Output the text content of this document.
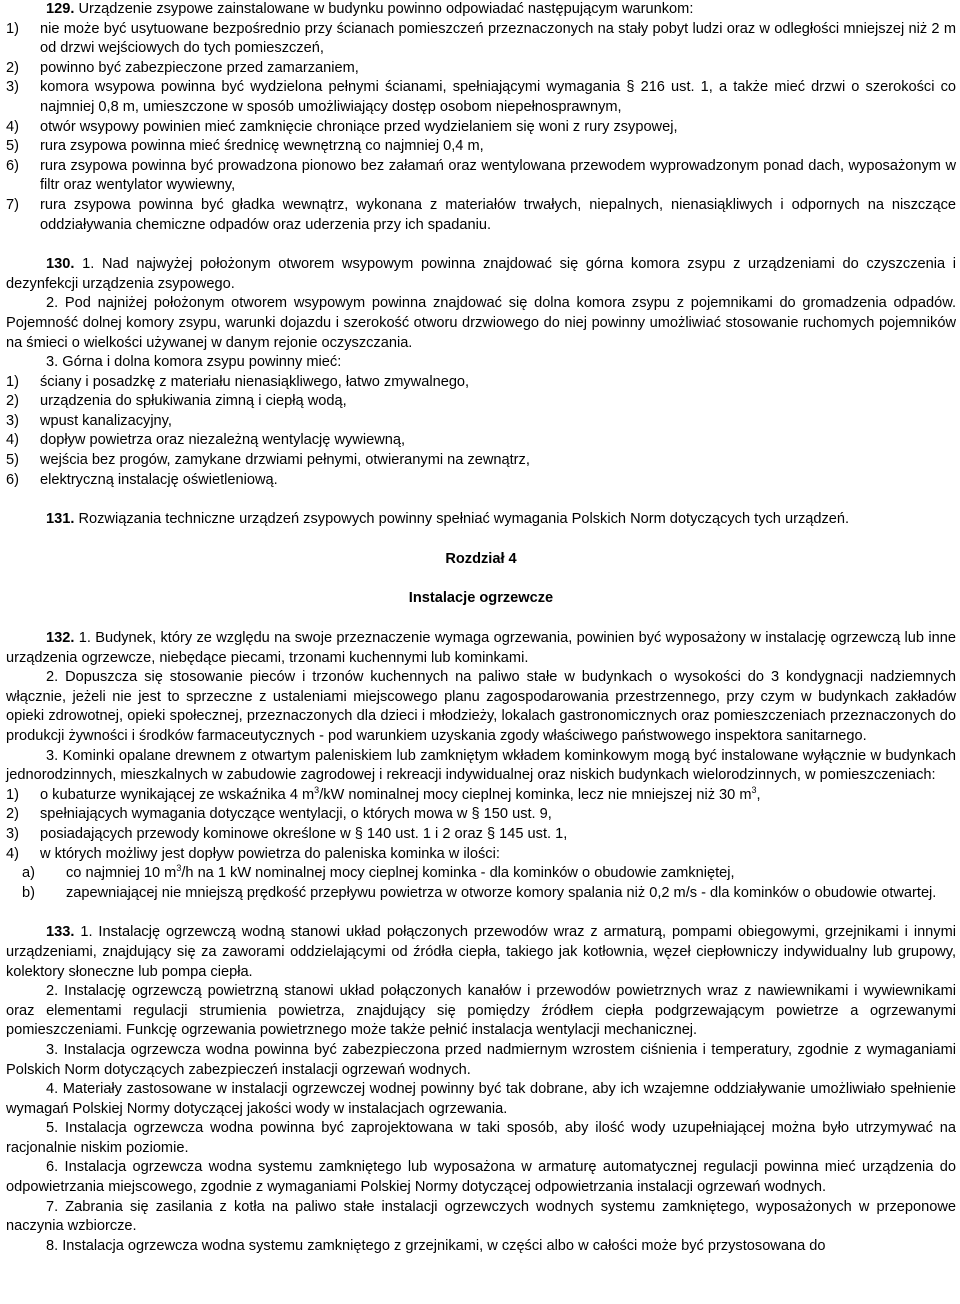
129. Urządzenie zsypowe zainstalowane w budynku powinno odpowiadać następującym warunkom:

1)	nie może być usytuowane bezpośrednio przy ścianach pomieszczeń przeznaczonych na stały pobyt ludzi oraz w odległości mniejszej niż 2 m od drzwi wejściowych do tych pomieszczeń,
2)	powinno być zabezpieczone przed zamarzaniem,
3)	komora wsypowa powinna być wydzielona pełnymi ścianami, spełniającymi wymagania § 216 ust. 1, a także mieć drzwi o szerokości co najmniej 0,8 m, umieszczone w sposób umożliwiający dostęp osobom niepełnosprawnym,
4)	otwór wsypowy powinien mieć zamknięcie chroniące przed wydzielaniem się woni z rury zsypowej,
5)	rura zsypowa powinna mieć średnicę wewnętrzną co najmniej 0,4 m,
6)	rura zsypowa powinna być prowadzona pionowo bez załamań oraz wentylowana przewodem wyprowadzonym ponad dach, wyposażonym w filtr oraz wentylator wywiewny,
7)	rura zsypowa powinna być gładka wewnątrz, wykonana z materiałów trwałych, niepalnych, nienasiąkliwych i odpornych na niszczące oddziaływania chemiczne odpadów oraz uderzenia przy ich spadaniu.

130. 1. Nad najwyżej położonym otworem wsypowym powinna znajdować się górna komora zsypu z urządzeniami do czyszczenia i dezynfekcji urządzenia zsypowego.

2. Pod najniżej położonym otworem wsypowym powinna znajdować się dolna komora zsypu z pojemnikami do gromadzenia odpadów. Pojemność dolnej komory zsypu, warunki dojazdu i szerokość otworu drzwiowego do niej powinny umożliwiać stosowanie ruchomych pojemników na śmieci o wielkości używanej w danym rejonie oczyszczania.

3. Górna i dolna komora zsypu powinny mieć:

1)	ściany i posadzkę z materiału nienasiąkliwego, łatwo zmywalnego,
2)	urządzenia do spłukiwania zimną i ciepłą wodą,
3)	wpust kanalizacyjny,
4)	dopływ powietrza oraz niezależną wentylację wywiewną,
5)	wejścia bez progów, zamykane drzwiami pełnymi, otwieranymi na zewnątrz,
6)	elektryczną instalację oświetleniową.

131. Rozwiązania techniczne urządzeń zsypowych powinny spełniać wymagania Polskich Norm dotyczących tych urządzeń.

Rozdział 4

Instalacje ogrzewcze

132. 1. Budynek, który ze względu na swoje przeznaczenie wymaga ogrzewania, powinien być wyposażony w instalację ogrzewczą lub inne urządzenia ogrzewcze, niebędące piecami, trzonami kuchennymi lub kominkami.

2. Dopuszcza się stosowanie pieców i trzonów kuchennych na paliwo stałe w budynkach o wysokości do 3 kondygnacji nadziemnych włącznie, jeżeli nie jest to sprzeczne z ustaleniami miejscowego planu zagospodarowania przestrzennego, przy czym w budynkach zakładów opieki zdrowotnej, opieki społecznej, przeznaczonych dla dzieci i młodzieży, lokalach gastronomicznych oraz pomieszczeniach przeznaczonych do produkcji żywności i środków farmaceutycznych - pod warunkiem uzyskania zgody właściwego państwowego inspektora sanitarnego.

3. Kominki opalane drewnem z otwartym paleniskiem lub zamkniętym wkładem kominkowym mogą być instalowane wyłącznie w budynkach jednorodzinnych, mieszkalnych w zabudowie zagrodowej i rekreacji indywidualnej oraz niskich budynkach wielorodzinnych, w pomieszczeniach:

1)	o kubaturze wynikającej ze wskaźnika 4 $m^3/kW$ nominalnej mocy cieplnej kominka, lecz nie mniejszej niż 30 $m^3$,
2)	spełniających wymagania dotyczące wentylacji, o których mowa w § 150 ust. 9,
3)	posiadających przewody kominowe określone w § 140 ust. 1 i 2 oraz § 145 ust. 1,
4)	w których możliwy jest dopływ powietrza do paleniska kominka w ilości:
a)	co najmniej 10 $m^3/h$ na 1 kW nominalnej mocy cieplnej kominka - dla kominków o obudowie zamkniętej,
b)	zapewniającej nie mniejszą prędkość przepływu powietrza w otworze komory spalania niż 0,2 m/s - dla kominków o obudowie otwartej.

133. 1. Instalację ogrzewczą wodną stanowi układ połączonych przewodów wraz z armaturą, pompami obiegowymi, grzejnikami i innymi urządzeniami, znajdujący się za zaworami oddzielającymi od źródła ciepła, takiego jak kotłownia, węzeł ciepłowniczy indywidualny lub grupowy, kolektory słoneczne lub pompa ciepła.

2. Instalację ogrzewczą powietrzną stanowi układ połączonych kanałów i przewodów powietrznych wraz z nawiewnikami i wywiewnikami oraz elementami regulacji strumienia powietrza, znajdujący się pomiędzy źródłem ciepła podgrzewającym powietrze a ogrzewanymi pomieszczeniami. Funkcję ogrzewania powietrznego może także pełnić instalacja wentylacji mechanicznej.

3. Instalacja ogrzewcza wodna powinna być zabezpieczona przed nadmiernym wzrostem ciśnienia i temperatury, zgodnie z wymaganiami Polskich Norm dotyczących zabezpieczeń instalacji ogrzewań wodnych.

4. Materiały zastosowane w instalacji ogrzewczej wodnej powinny być tak dobrane, aby ich wzajemne oddziaływanie umożliwiało spełnienie wymagań Polskiej Normy dotyczącej jakości wody w instalacjach ogrzewania.

5. Instalacja ogrzewcza wodna powinna być zaprojektowana w taki sposób, aby ilość wody uzupełniającej można było utrzymywać na racjonalnie niskim poziomie.

6. Instalacja ogrzewcza wodna systemu zamkniętego lub wyposażona w armaturę automatycznej regulacji powinna mieć urządzenia do odpowietrzania miejscowego, zgodnie z wymaganiami Polskiej Normy dotyczącej odpowietrzania instalacji ogrzewań wodnych.

7. Zabrania się zasilania z kotła na paliwo stałe instalacji ogrzewczych wodnych systemu zamkniętego, wyposażonych w przeponowe naczynia wzbiorcze.

8. Instalacja ogrzewcza wodna systemu zamkniętego z grzejnikami, w części albo w całości może być przystosowana do
